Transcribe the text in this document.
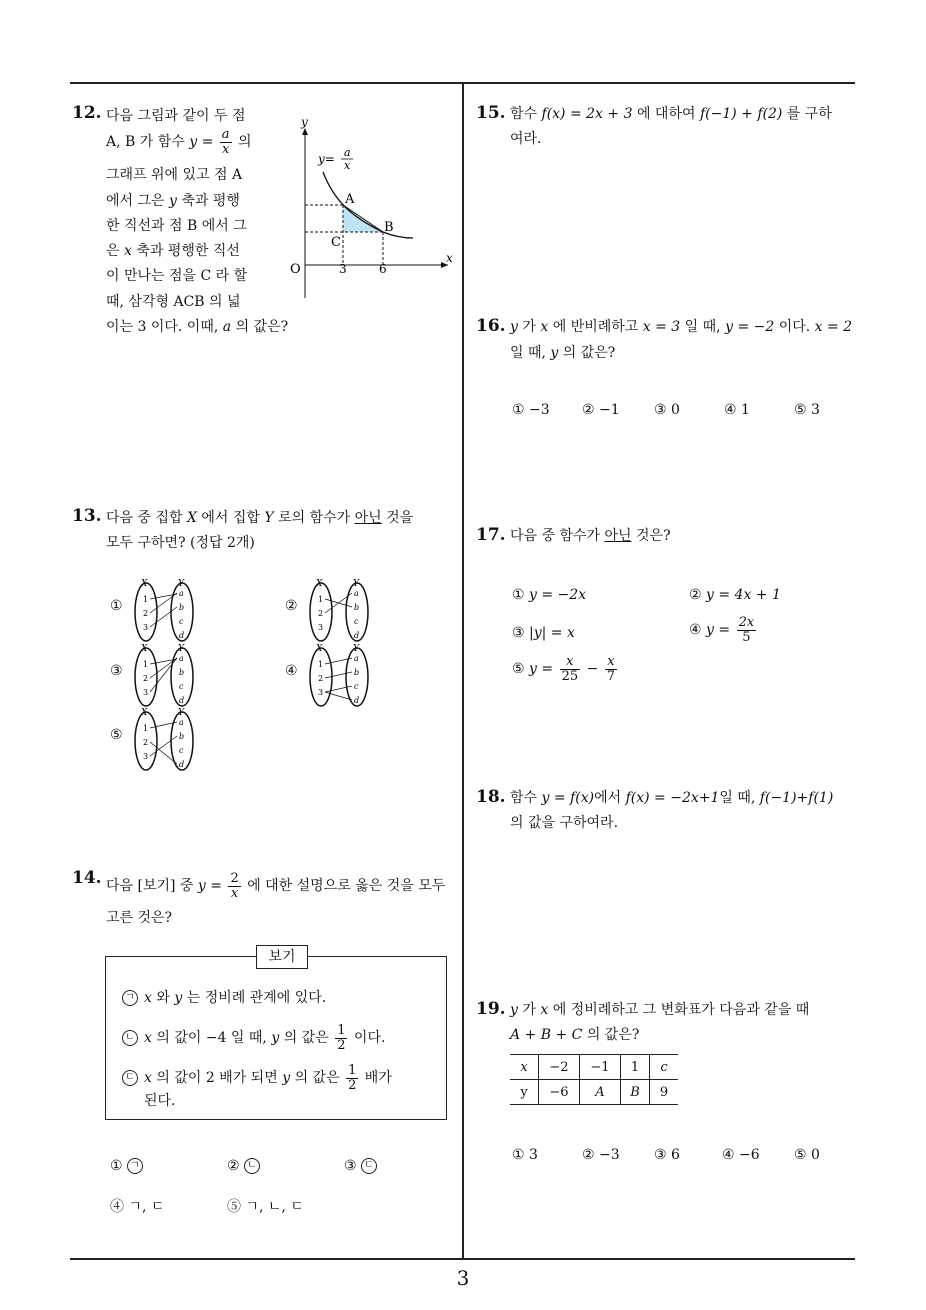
3
12. 다음 그림과 같이 두 점
A, B 가 함수 $y = \frac{a}{x}$ 의
그래프 위에 있고 점 A
에서 그은 y 축과 평행
한 직선과 점 B 에서 그
은 x 축과 평행한 직선
이 만나는 점을 C 라 할
때, 삼각형 ACB 의 넓
이는 3 이다. 이때, a 의 값은?
y
x
O	3	6
A
B
C
y= a
x
13. 다음 중 집합 X 에서 집합 Y 로의 함수가 아닌 것을
모두 구하면? (정답 2개)
①	②
③	④
⑤
X	Y
1
2
3
a
b
c
d
X	Y
1
2
3
a
b
c
d
X	Y
1
2
3
a
b
c
d
X	Y
1
2
3
a
b
c
d
X	Y
1
2
3
a
b
c
d
14. 다음 [보기] 중 $y = \frac{2}{x}$ 에 대한 설명으로 옳은 것을 모두
고른 것은?
보기
ㄱ x 와 y 는 정비례 관계에 있다.
ㄴ x 의 값이 −4 일 때, y 의 값은 $\frac{1}{2}$ 이다.
ㄷ x 의 값이 2 배가 되면 y 의 값은 $\frac{1}{2}$ 배가
된다.
① ㄱ	② ㄴ	③ ㄷ
④ ㄱ, ㄷ	⑤ ㄱ, ㄴ, ㄷ
15. 함수 f(x) = 2x + 3 에 대하여 f(−1) + f(2) 를 구하
여라.
16. y 가 x 에 반비례하고 x = 3 일 때, y = −2 이다. x = 2
일 때, y 의 값은?
① −3 ② −1 ③ 0	④ 1	⑤ 3
17. 다음 중 함수가 아닌 것은?
① y = −2x	② y = 4x + 1
③ |y| = x	④ $y = \frac{2x}{5}$
⑤ $y = \frac{x}{25} - \frac{x}{7}$
18. 함수 y = f(x)에서 f(x) = −2x+1일 때, f(−1)+f(1)
의 값을 구하여라.
19. y 가 x 에 정비례하고 그 변화표가 다음과 같을 때
A + B + C 의 값은?
x	−2	−1	1	c
y	−6	A	B	9
① 3	② −3 ③ 6	④ −6 ⑤ 0
